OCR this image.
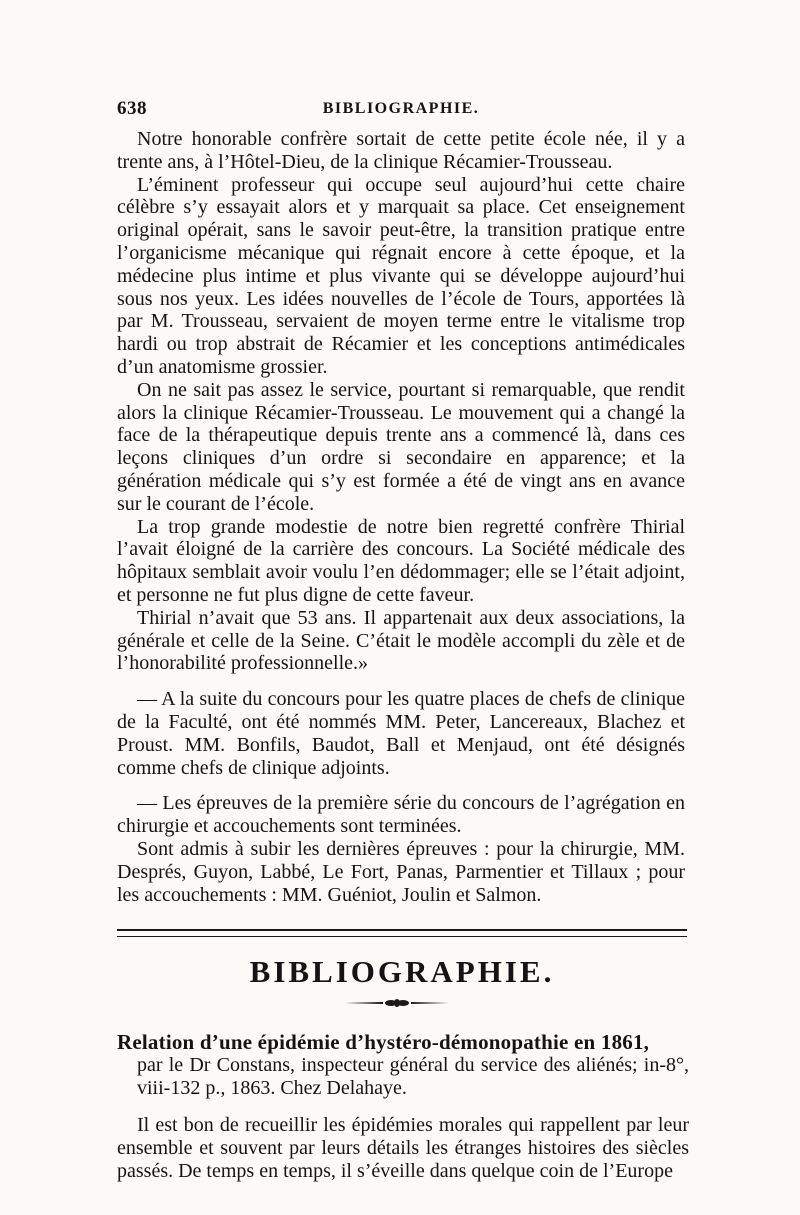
638	BIBLIOGRAPHIE.

Notre honorable confrère sortait de cette petite école née, il y a trente ans, à l’Hôtel-Dieu, de la clinique Récamier-Trousseau.

L’éminent professeur qui occupe seul aujourd’hui cette chaire célèbre s’y essayait alors et y marquait sa place. Cet enseignement original opérait, sans le savoir peut-être, la transition pratique entre l’organicisme mécanique qui régnait encore à cette époque, et la médecine plus intime et plus vivante qui se développe aujourd’hui sous nos yeux. Les idées nouvelles de l’école de Tours, apportées là par M. Trousseau, servaient de moyen terme entre le vitalisme trop hardi ou trop abstrait de Récamier et les conceptions antimédicales d’un anatomisme grossier.

On ne sait pas assez le service, pourtant si remarquable, que rendit alors la clinique Récamier-Trousseau. Le mouvement qui a changé la face de la thérapeutique depuis trente ans a commencé là, dans ces leçons cliniques d’un ordre si secondaire en apparence; et la génération médicale qui s’y est formée a été de vingt ans en avance sur le courant de l’école.

La trop grande modestie de notre bien regretté confrère Thirial l’avait éloigné de la carrière des concours. La Société médicale des hôpitaux semblait avoir voulu l’en dédommager; elle se l’était adjoint, et personne ne fut plus digne de cette faveur.

Thirial n’avait que 53 ans. Il appartenait aux deux associations, la générale et celle de la Seine. C’était le modèle accompli du zèle et de l’honorabilité professionnelle.»

— A la suite du concours pour les quatre places de chefs de clinique de la Faculté, ont été nommés MM. Peter, Lancereaux, Blachez et Proust. MM. Bonfils, Baudot, Ball et Menjaud, ont été désignés comme chefs de clinique adjoints.

— Les épreuves de la première série du concours de l’agrégation en chirurgie et accouchements sont terminées.

Sont admis à subir les dernières épreuves : pour la chirurgie, MM. Després, Guyon, Labbé, Le Fort, Panas, Parmentier et Tillaux ; pour les accouchements : MM. Guéniot, Joulin et Salmon.

BIBLIOGRAPHIE.

Relation d’une épidémie d’hystéro-démonopathie en 1861,

par le Dr Constans, inspecteur général du service des aliénés; in-8°, viii-132 p., 1863. Chez Delahaye.

Il est bon de recueillir les épidémies morales qui rappellent par leur ensemble et souvent par leurs détails les étranges histoires des siècles passés. De temps en temps, il s’éveille dans quelque coin de l’Europe
